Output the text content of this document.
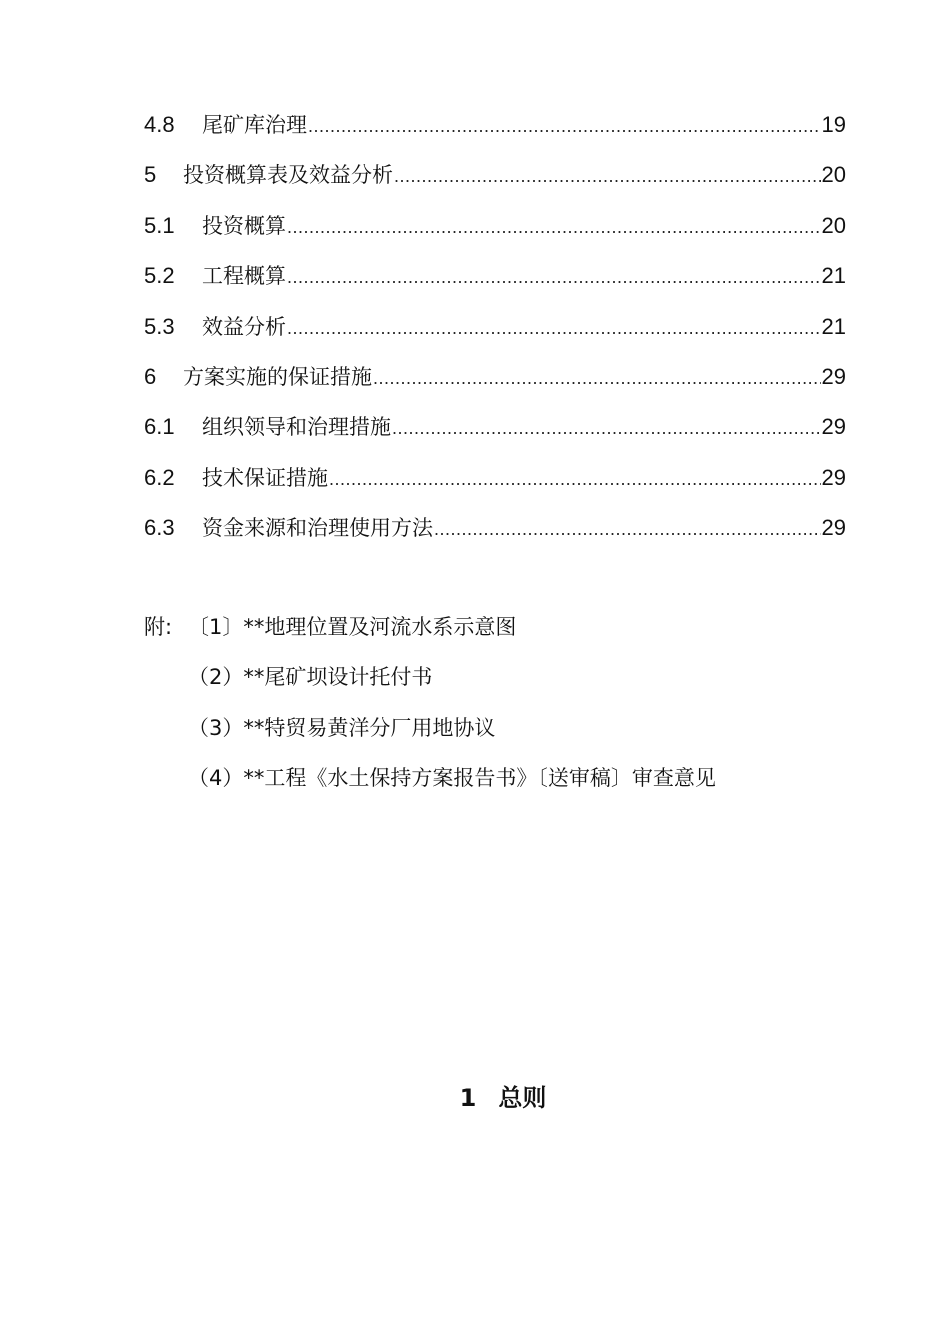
4.8	尾矿库治理 .....	19
5	投资概算表及效益分析 .....	20
5.1	投资概算 .....	20
5.2	工程概算 .....	21
5.3	效益分析 .....	21
6	方案实施的保证措施 .....	29
6.1	组织领导和治理措施 .....	29
6.2	技术保证措施 .....	29
6.3	资金来源和治理使用方法 .....	29
附: 〔1〕**地理位置及河流水系示意图
（2）**尾矿坝设计托付书
（3）**特贸易黄洋分厂用地协议
（4）**工程《水土保持方案报告书》〔送审稿〕审查意见
1 总则
